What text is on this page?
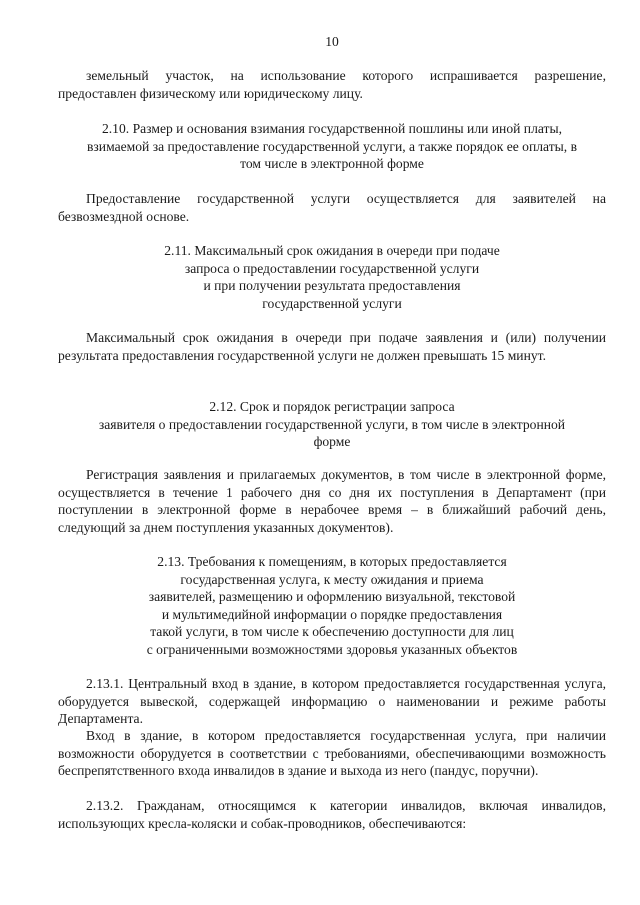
10

земельный участок, на использование которого испрашивается разрешение, предоставлен физическому или юридическому лицу.

2.10. Размер и основания взимания государственной пошлины или иной платы,
взимаемой за предоставление государственной услуги, а также порядок ее оплаты, в
том числе в электронной форме

Предоставление государственной услуги осуществляется для заявителей на безвозмездной основе.

2.11. Максимальный срок ожидания в очереди при подаче
запроса о предоставлении государственной услуги
и при получении результата предоставления
государственной услуги

Максимальный срок ожидания в очереди при подаче заявления и (или) получении результата предоставления государственной услуги не должен превышать 15 минут.

2.12. Срок и порядок регистрации запроса
заявителя о предоставлении государственной услуги, в том числе в электронной
форме

Регистрация заявления и прилагаемых документов, в том числе в электронной форме, осуществляется в течение 1 рабочего дня со дня их поступления в Департамент (при поступлении в электронной форме в нерабочее время – в ближайший рабочий день, следующий за днем поступления указанных документов).

2.13. Требования к помещениям, в которых предоставляется
государственная услуга, к месту ожидания и приема
заявителей, размещению и оформлению визуальной, текстовой
и мультимедийной информации о порядке предоставления
такой услуги, в том числе к обеспечению доступности для лиц
с ограниченными возможностями здоровья указанных объектов

2.13.1. Центральный вход в здание, в котором предоставляется государственная услуга, оборудуется вывеской, содержащей информацию о наименовании и режиме работы Департамента.

Вход в здание, в котором предоставляется государственная услуга, при наличии возможности оборудуется в соответствии с требованиями, обеспечивающими возможность беспрепятственного входа инвалидов в здание и выхода из него (пандус, поручни).

2.13.2. Гражданам, относящимся к категории инвалидов, включая инвалидов, использующих кресла-коляски и собак-проводников, обеспечиваются:
